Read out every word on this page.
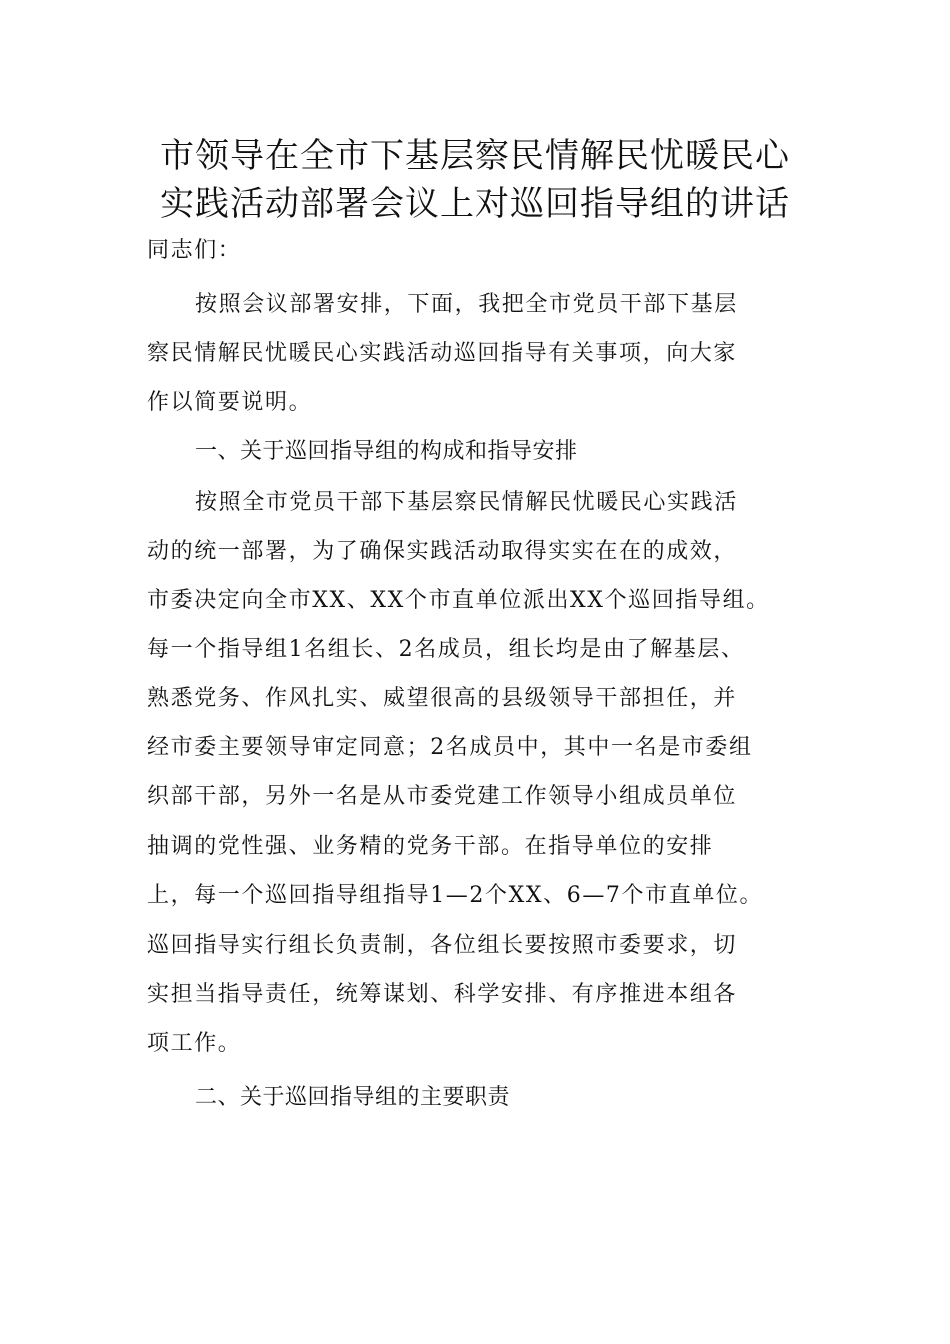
市领导在全市下基层察民情解民忧暖民心
实践活动部署会议上对巡回指导组的讲话
同志们：
按照会议部署安排，下面，我把全市党员干部下基层
察民情解民忧暖民心实践活动巡回指导有关事项，向大家
作以简要说明。
一、关于巡回指导组的构成和指导安排
按照全市党员干部下基层察民情解民忧暖民心实践活
动的统一部署，为了确保实践活动取得实实在在的成效，
市委决定向全市XX、XX个市直单位派出XX个巡回指导组。
每一个指导组1名组长、2名成员，组长均是由了解基层、
熟悉党务、作风扎实、威望很高的县级领导干部担任，并
经市委主要领导审定同意；2名成员中，其中一名是市委组
织部干部，另外一名是从市委党建工作领导小组成员单位
抽调的党性强、业务精的党务干部。在指导单位的安排
上，每一个巡回指导组指导1—2个XX、6—7个市直单位。
巡回指导实行组长负责制，各位组长要按照市委要求，切
实担当指导责任，统筹谋划、科学安排、有序推进本组各
项工作。
二、关于巡回指导组的主要职责
